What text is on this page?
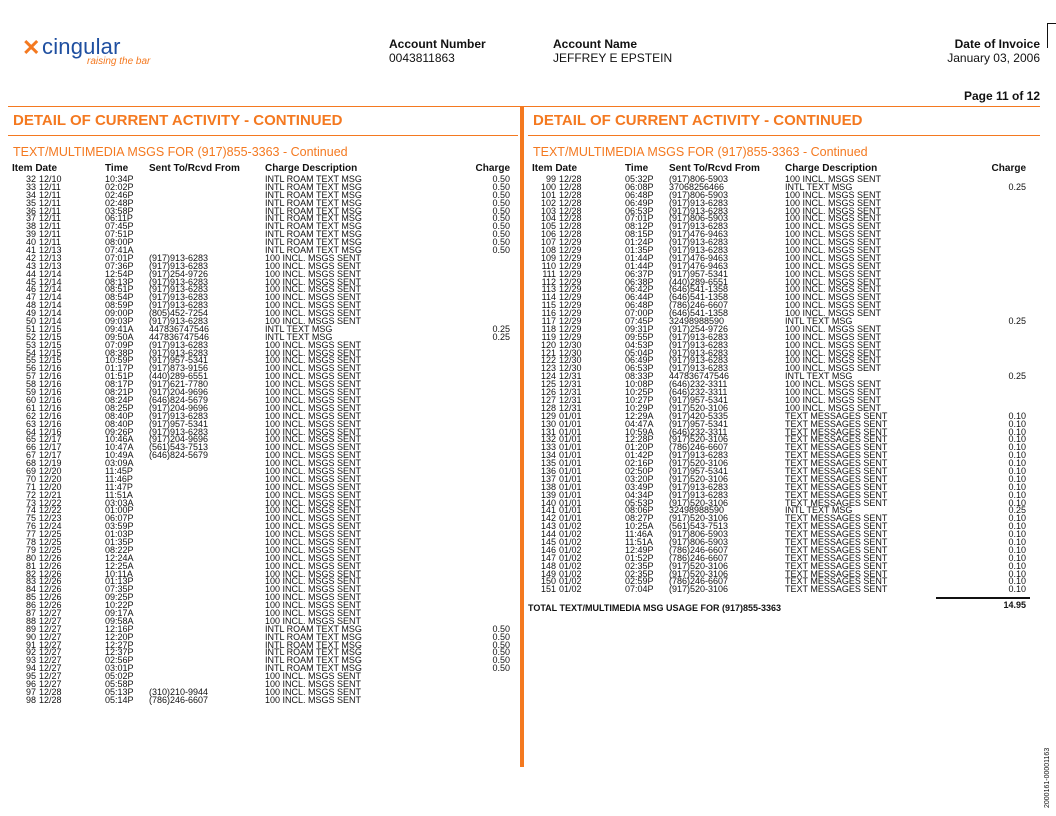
✕ cingular
raising the bar
Account Number
0043811863
Account Name
JEFFREY E EPSTEIN
Date of Invoice
January 03, 2006
Page 11 of 12
DETAIL OF CURRENT ACTIVITY - CONTINUED
TEXT/MULTIMEDIA MSGS FOR (917)855-3363 - Continued
Item Date	Time Sent To/Rcvd From	Charge Description	Charge
32 12/10	10:34P	INTL ROAM TEXT MSG	0.50
33 12/11	02:02P	INTL ROAM TEXT MSG	0.50
34 12/11	02:46P	INTL ROAM TEXT MSG	0.50
35 12/11	02:48P	INTL ROAM TEXT MSG	0.50
36 12/11	03:58P	INTL ROAM TEXT MSG	0.50
37 12/11	06:11P	INTL ROAM TEXT MSG	0.50
38 12/11	07:45P	INTL ROAM TEXT MSG	0.50
39 12/11	07:51P	INTL ROAM TEXT MSG	0.50
40 12/11	08:00P	INTL ROAM TEXT MSG	0.50
41 12/13	07:41A	INTL ROAM TEXT MSG	0.50
42 12/13	07:01P (917)913-6283	100 INCL. MSGS SENT
43 12/13	07:36P (917)913-6283	100 INCL. MSGS SENT
44 12/14	12:54P (917)254-9726	100 INCL. MSGS SENT
45 12/14	08:13P (917)913-6283	100 INCL. MSGS SENT
46 12/14	08:51P (917)913-6283	100 INCL. MSGS SENT
47 12/14	08:54P (917)913-6283	100 INCL. MSGS SENT
48 12/14	08:59P (917)913-6283	100 INCL. MSGS SENT
49 12/14	09:00P (805)452-7254	100 INCL. MSGS SENT
50 12/14	09:03P (917)913-6283	100 INCL. MSGS SENT
51 12/15	09:41A 447836747546	INTL TEXT MSG	0.25
52 12/15	09:50A 447836747546	INTL TEXT MSG	0.25
53 12/15	07:09P (917)913-6283	100 INCL. MSGS SENT
54 12/15	08:38P (917)913-6283	100 INCL. MSGS SENT
55 12/15	10:59P (917)957-5341	100 INCL. MSGS SENT
56 12/16	01:17P (917)873-9156	100 INCL. MSGS SENT
57 12/16	01:51P (440)289-6551	100 INCL. MSGS SENT
58 12/16	08:17P (917)621-7780	100 INCL. MSGS SENT
59 12/16	08:21P (917)204-9696	100 INCL. MSGS SENT
60 12/16	08:24P (646)824-5679	100 INCL. MSGS SENT
61 12/16	08:25P (917)204-9696	100 INCL. MSGS SENT
62 12/16	08:40P (917)913-6283	100 INCL. MSGS SENT
63 12/16	08:40P (917)957-5341	100 INCL. MSGS SENT
64 12/16	09:26P (917)913-6283	100 INCL. MSGS SENT
65 12/17	10:46A (917)204-9696	100 INCL. MSGS SENT
66 12/17	10:47A (561)543-7513	100 INCL. MSGS SENT
67 12/17	10:49A (646)824-5679	100 INCL. MSGS SENT
68 12/19	03:09A	100 INCL. MSGS SENT
69 12/20	11:45P	100 INCL. MSGS SENT
70 12/20	11:46P	100 INCL. MSGS SENT
71 12/20	11:47P	100 INCL. MSGS SENT
72 12/21	11:51A	100 INCL. MSGS SENT
73 12/22	03:03A	100 INCL. MSGS SENT
74 12/22	01:00P	100 INCL. MSGS SENT
75 12/23	06:07P	100 INCL. MSGS SENT
76 12/24	03:59P	100 INCL. MSGS SENT
77 12/25	01:03P	100 INCL. MSGS SENT
78 12/25	01:35P	100 INCL. MSGS SENT
79 12/25	08:22P	100 INCL. MSGS SENT
80 12/26	12:24A	100 INCL. MSGS SENT
81 12/26	12:25A	100 INCL. MSGS SENT
82 12/26	10:11A	100 INCL. MSGS SENT
83 12/26	01:13P	100 INCL. MSGS SENT
84 12/26	07:35P	100 INCL. MSGS SENT
85 12/26	09:25P	100 INCL. MSGS SENT
86 12/26	10:22P	100 INCL. MSGS SENT
87 12/27	09:17A	100 INCL. MSGS SENT
88 12/27	09:58A	100 INCL. MSGS SENT
89 12/27	12:16P	INTL ROAM TEXT MSG	0.50
90 12/27	12:20P	INTL ROAM TEXT MSG	0.50
91 12/27	12:27P	INTL ROAM TEXT MSG	0.50
92 12/27	12:37P	INTL ROAM TEXT MSG	0.50
93 12/27	02:56P	INTL ROAM TEXT MSG	0.50
94 12/27	03:01P	INTL ROAM TEXT MSG	0.50
95 12/27	05:02P	100 INCL. MSGS SENT
96 12/27	05:58P	100 INCL. MSGS SENT
97 12/28	05:13P (310)210-9944	100 INCL. MSGS SENT
98 12/28	05:14P (786)246-6607	100 INCL. MSGS SENT
DETAIL OF CURRENT ACTIVITY - CONTINUED
TEXT/MULTIMEDIA MSGS FOR (917)855-3363 - Continued
Item Date	Time Sent To/Rcvd From	Charge Description	Charge
99 12/28	05:32P (917)806-5903	100 INCL. MSGS SENT
100 12/28	06:08P 37068256466	INTL TEXT MSG	0.25
101 12/28	06:48P (917)806-5903	100 INCL. MSGS SENT
102 12/28	06:49P (917)913-6283	100 INCL. MSGS SENT
103 12/28	06:53P (917)913-6283	100 INCL. MSGS SENT
104 12/28	07:01P (917)806-5903	100 INCL. MSGS SENT
105 12/28	08:12P (917)913-6283	100 INCL. MSGS SENT
106 12/28	08:15P (917)476-9463	100 INCL. MSGS SENT
107 12/29	01:24P (917)913-6283	100 INCL. MSGS SENT
108 12/29	01:35P (917)913-6283	100 INCL. MSGS SENT
109 12/29	01:44P (917)476-9463	100 INCL. MSGS SENT
110 12/29	01:44P (917)476-9463	100 INCL. MSGS SENT
111 12/29	06:37P (917)957-5341	100 INCL. MSGS SENT
112 12/29	06:38P (440)289-6551	100 INCL. MSGS SENT
113 12/29	06:42P (646)541-1358	100 INCL. MSGS SENT
114 12/29	06:44P (646)541-1358	100 INCL. MSGS SENT
115 12/29	06:48P (786)246-6607	100 INCL. MSGS SENT
116 12/29	07:00P (646)541-1358	100 INCL. MSGS SENT
117 12/29	07:45P 32498988590	INTL TEXT MSG	0.25
118 12/29	09:31P (917)254-9726	100 INCL. MSGS SENT
119 12/29	09:55P (917)913-6283	100 INCL. MSGS SENT
120 12/30	04:53P (917)913-6283	100 INCL. MSGS SENT
121 12/30	05:04P (917)913-6283	100 INCL. MSGS SENT
122 12/30	06:49P (917)913-6283	100 INCL. MSGS SENT
123 12/30	06:53P (917)913-6283	100 INCL. MSGS SENT
124 12/31	08:33P 447836747546	INTL TEXT MSG	0.25
125 12/31	10:08P (646)232-3311	100 INCL. MSGS SENT
126 12/31	10:25P (646)232-3311	100 INCL. MSGS SENT
127 12/31	10:27P (917)957-5341	100 INCL. MSGS SENT
128 12/31	10:29P (917)520-3106	100 INCL. MSGS SENT
129 01/01	12:29A (917)420-5335	TEXT MESSAGES SENT	0.10
130 01/01	04:47A (917)957-5341	TEXT MESSAGES SENT	0.10
131 01/01	10:59A (646)232-3311	TEXT MESSAGES SENT	0.10
132 01/01	12:28P (917)520-3106	TEXT MESSAGES SENT	0.10
133 01/01	01:20P (786)246-6607	TEXT MESSAGES SENT	0.10
134 01/01	01:42P (917)913-6283	TEXT MESSAGES SENT	0.10
135 01/01	02:16P (917)520-3106	TEXT MESSAGES SENT	0.10
136 01/01	02:50P (917)957-5341	TEXT MESSAGES SENT	0.10
137 01/01	03:20P (917)520-3106	TEXT MESSAGES SENT	0.10
138 01/01	03:49P (917)913-6283	TEXT MESSAGES SENT	0.10
139 01/01	04:34P (917)913-6283	TEXT MESSAGES SENT	0.10
140 01/01	05:53P (917)520-3106	TEXT MESSAGES SENT	0.10
141 01/01	08:06P 32498988590	INTL TEXT MSG	0.25
142 01/01	08:27P (917)520-3106	TEXT MESSAGES SENT	0.10
143 01/02	10:25A (561)543-7513	TEXT MESSAGES SENT	0.10
144 01/02	11:46A (917)806-5903	TEXT MESSAGES SENT	0.10
145 01/02	11:51A (917)806-5903	TEXT MESSAGES SENT	0.10
146 01/02	12:49P (786)246-6607	TEXT MESSAGES SENT	0.10
147 01/02	01:52P (786)246-6607	TEXT MESSAGES SENT	0.10
148 01/02	02:35P (917)520-3106	TEXT MESSAGES SENT	0.10
149 01/02	02:35P (917)520-3106	TEXT MESSAGES SENT	0.10
150 01/02	02:59P (786)246-6607	TEXT MESSAGES SENT	0.10
151 01/02	07:04P (917)520-3106	TEXT MESSAGES SENT	0.10
TOTAL TEXT/MULTIMEDIA MSG USAGE FOR (917)855-3363	14.95
2000161-00001163
